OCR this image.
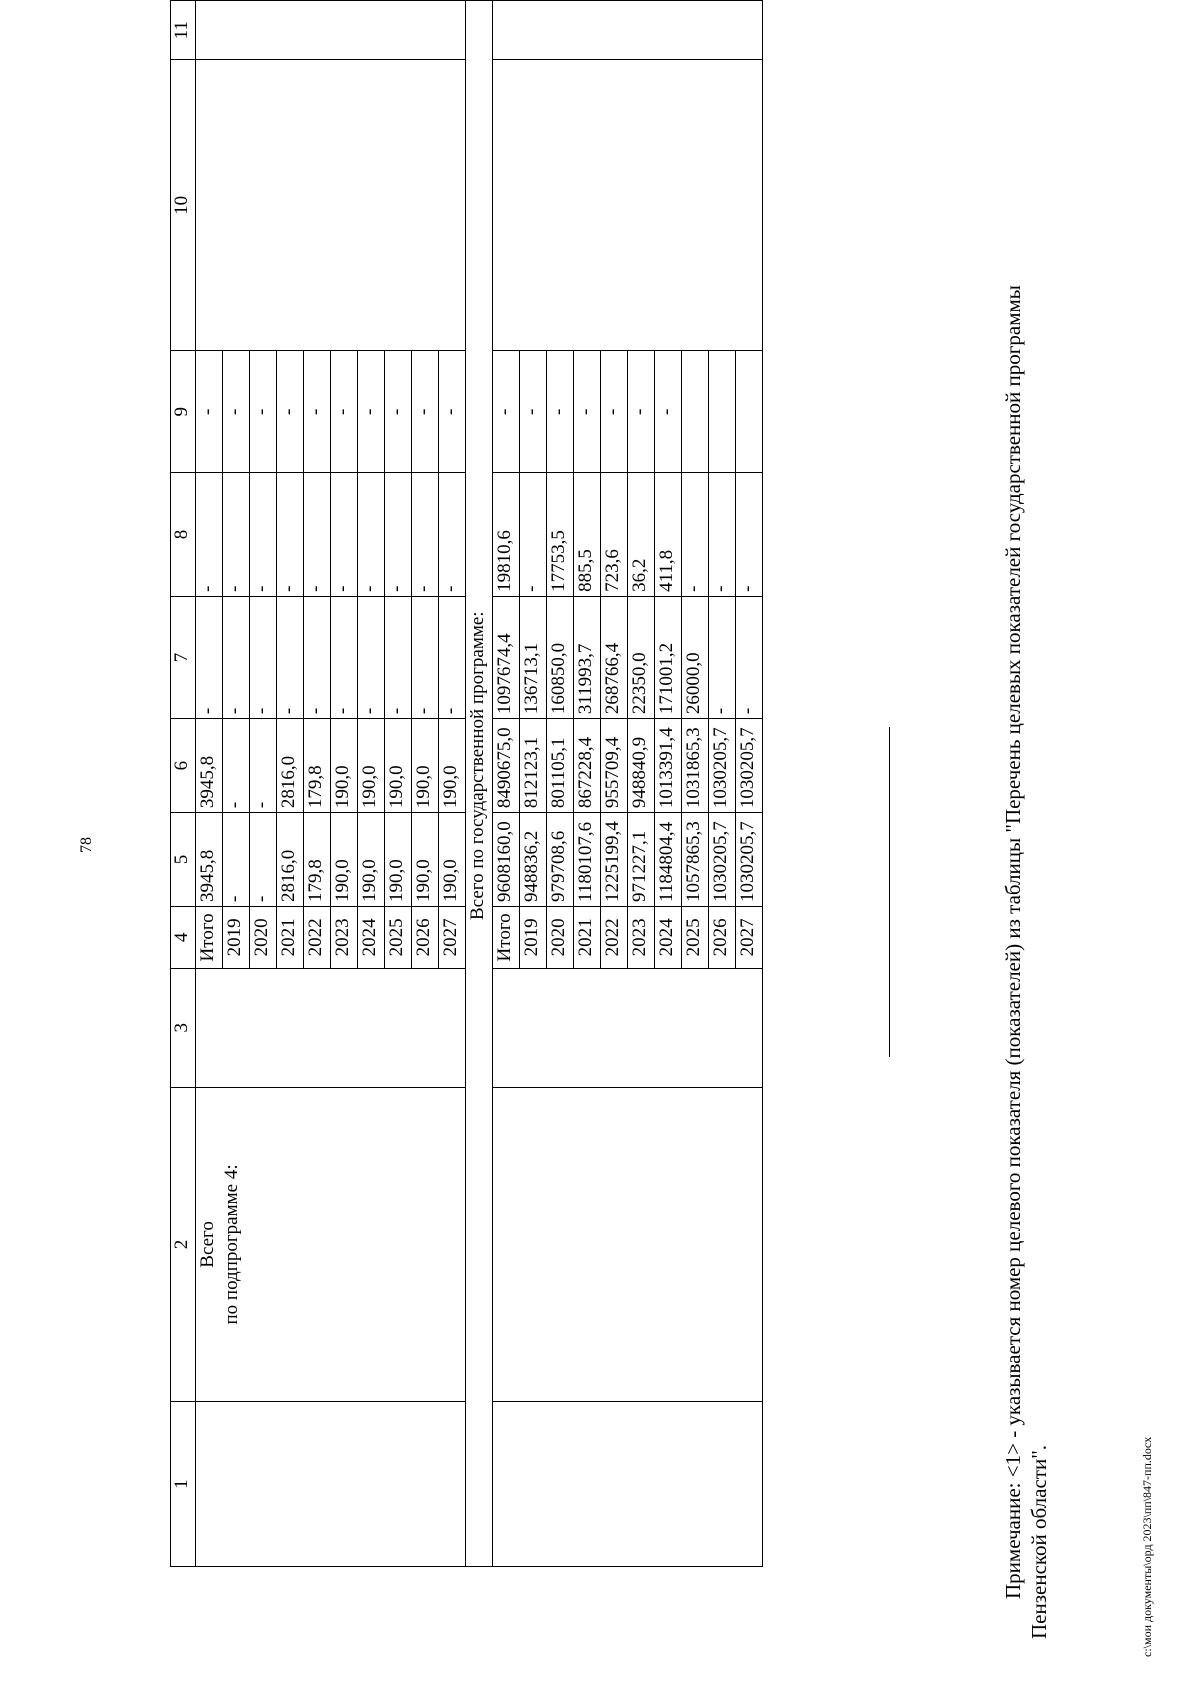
78
1	2	3	4	5	6	7	8	9	10	11

	Всего по подпрограмме 4:		Итого	3945,8	3945,8	-	-	-		
			2019	-	-	-	-	-		
			2020	-	-	-	-	-		
			2021	2816,0	2816,0	-	-	-		
			2022	179,8	179,8	-	-	-		
			2023	190,0	190,0	-	-	-		
			2024	190,0	190,0	-	-	-		
			2025	190,0	190,0	-	-	-		
			2026	190,0	190,0	-	-	-		
			2027	190,0	190,0	-	-	-		
Всего по государственной программе:										
			Итого	9608160,0	8490675,0	1097674,4	19810,6	-		
			2019	948836,2	812123,1	136713,1	-	-		
			2020	979708,6	801105,1	160850,0	17753,5	-		
			2021	1180107,6	867228,4	311993,7	885,5	-		
			2022	1225199,4	955709,4	268766,4	723,6	-		
			2023	971227,1	948840,9	22350,0	36,2	-		
			2024	1184804,4	1013391,4	171001,2	411,8	-		
			2025	1057865,3	1031865,3	26000,0	-			
			2026	1030205,7	1030205,7	-	-			
			2027	1030205,7	1030205,7	-	-				Примечание: <1> - указывается номер целевого показателя (показателей) из таблицы "Перечень целевых показателей государственной программы Пензенской области".	c:\мои документы\орд 2023\пп\847-пп.docx
